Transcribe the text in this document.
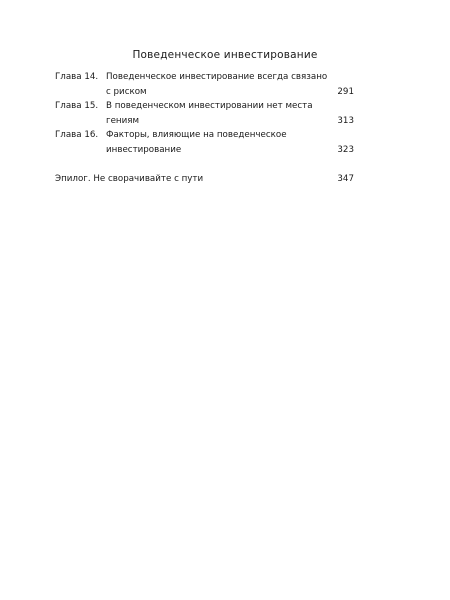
Поведенческое инвестирование
Глава 14. Поведенческое инвестирование всегда связано
с риском	291
Глава 15. В поведенческом инвестировании нет места
гениям	313
Глава 16. Факторы, влияющие на поведенческое
инвестирование	323
Эпилог. Не сворачивайте с пути	347
